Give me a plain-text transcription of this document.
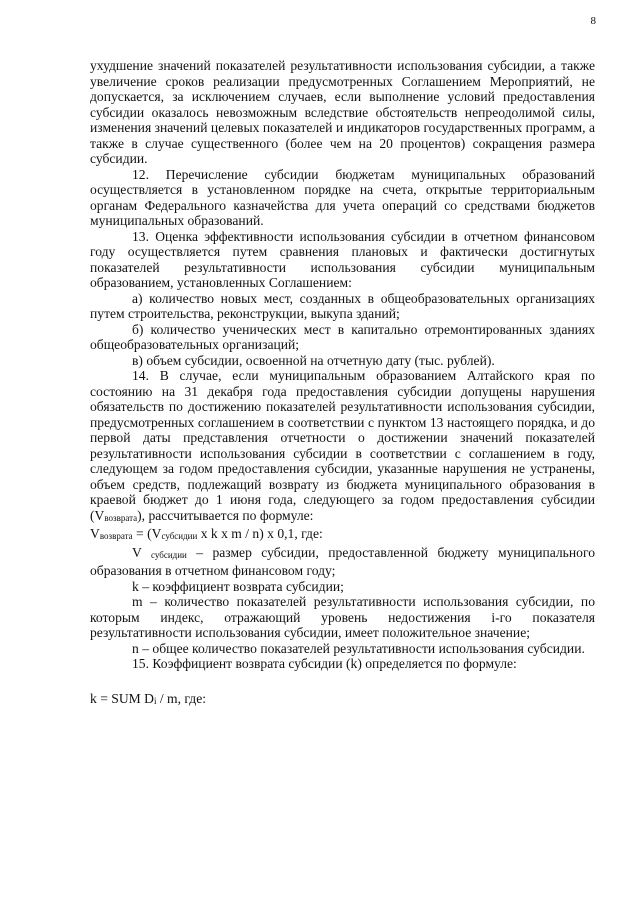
8

ухудшение значений показателей результативности использования субсидии, а также увеличение сроков реализации предусмотренных Соглашением Мероприятий, не допускается, за исключением случаев, если выполнение условий предоставления субсидии оказалось невозможным вследствие обстоятельств непреодолимой силы, изменения значений целевых показателей и индикаторов государственных программ, а также в случае существенного (более чем на 20 процентов) сокращения размера субсидии.

12. Перечисление субсидии бюджетам муниципальных образований осуществляется в установленном порядке на счета, открытые территориальным органам Федерального казначейства для учета операций со средствами бюджетов муниципальных образований.

13. Оценка эффективности использования субсидии в отчетном финансовом году осуществляется путем сравнения плановых и фактически достигнутых показателей результативности использования субсидии муниципальным образованием, установленных Соглашением:

а) количество новых мест, созданных в общеобразовательных организациях путем строительства, реконструкции, выкупа зданий;

б) количество ученических мест в капитально отремонтированных зданиях общеобразовательных организаций;

в) объем субсидии, освоенной на отчетную дату (тыс. рублей).

14. В случае, если муниципальным образованием Алтайского края по состоянию на 31 декабря года предоставления субсидии допущены нарушения обязательств по достижению показателей результативности использования субсидии, предусмотренных соглашением в соответствии с пунктом 13 настоящего порядка, и до первой даты представления отчетности о достижении значений показателей результативности использования субсидии в соответствии с соглашением в году, следующем за годом предоставления субсидии, указанные нарушения не устранены, объем средств, подлежащий возврату из бюджета муниципального образования в краевой бюджет до 1 июня года, следующего за годом предоставления субсидии $(V_{возврата})$, рассчитывается по формуле:

$V_{возврата} = (V_{субсидии}$ x k x m / n) x 0,1, где:

V $_{субсидии}$ – размер субсидии, предоставленной бюджету муниципального образования в отчетном финансовом году;

k – коэффициент возврата субсидии;

m – количество показателей результативности использования субсидии, по которым индекс, отражающий уровень недостижения i-го показателя результативности использования субсидии, имеет положительное значение;

n – общее количество показателей результативности использования субсидии.

15. Коэффициент возврата субсидии (k) определяется по формуле:

k = SUM $D_i$ / m, где:
